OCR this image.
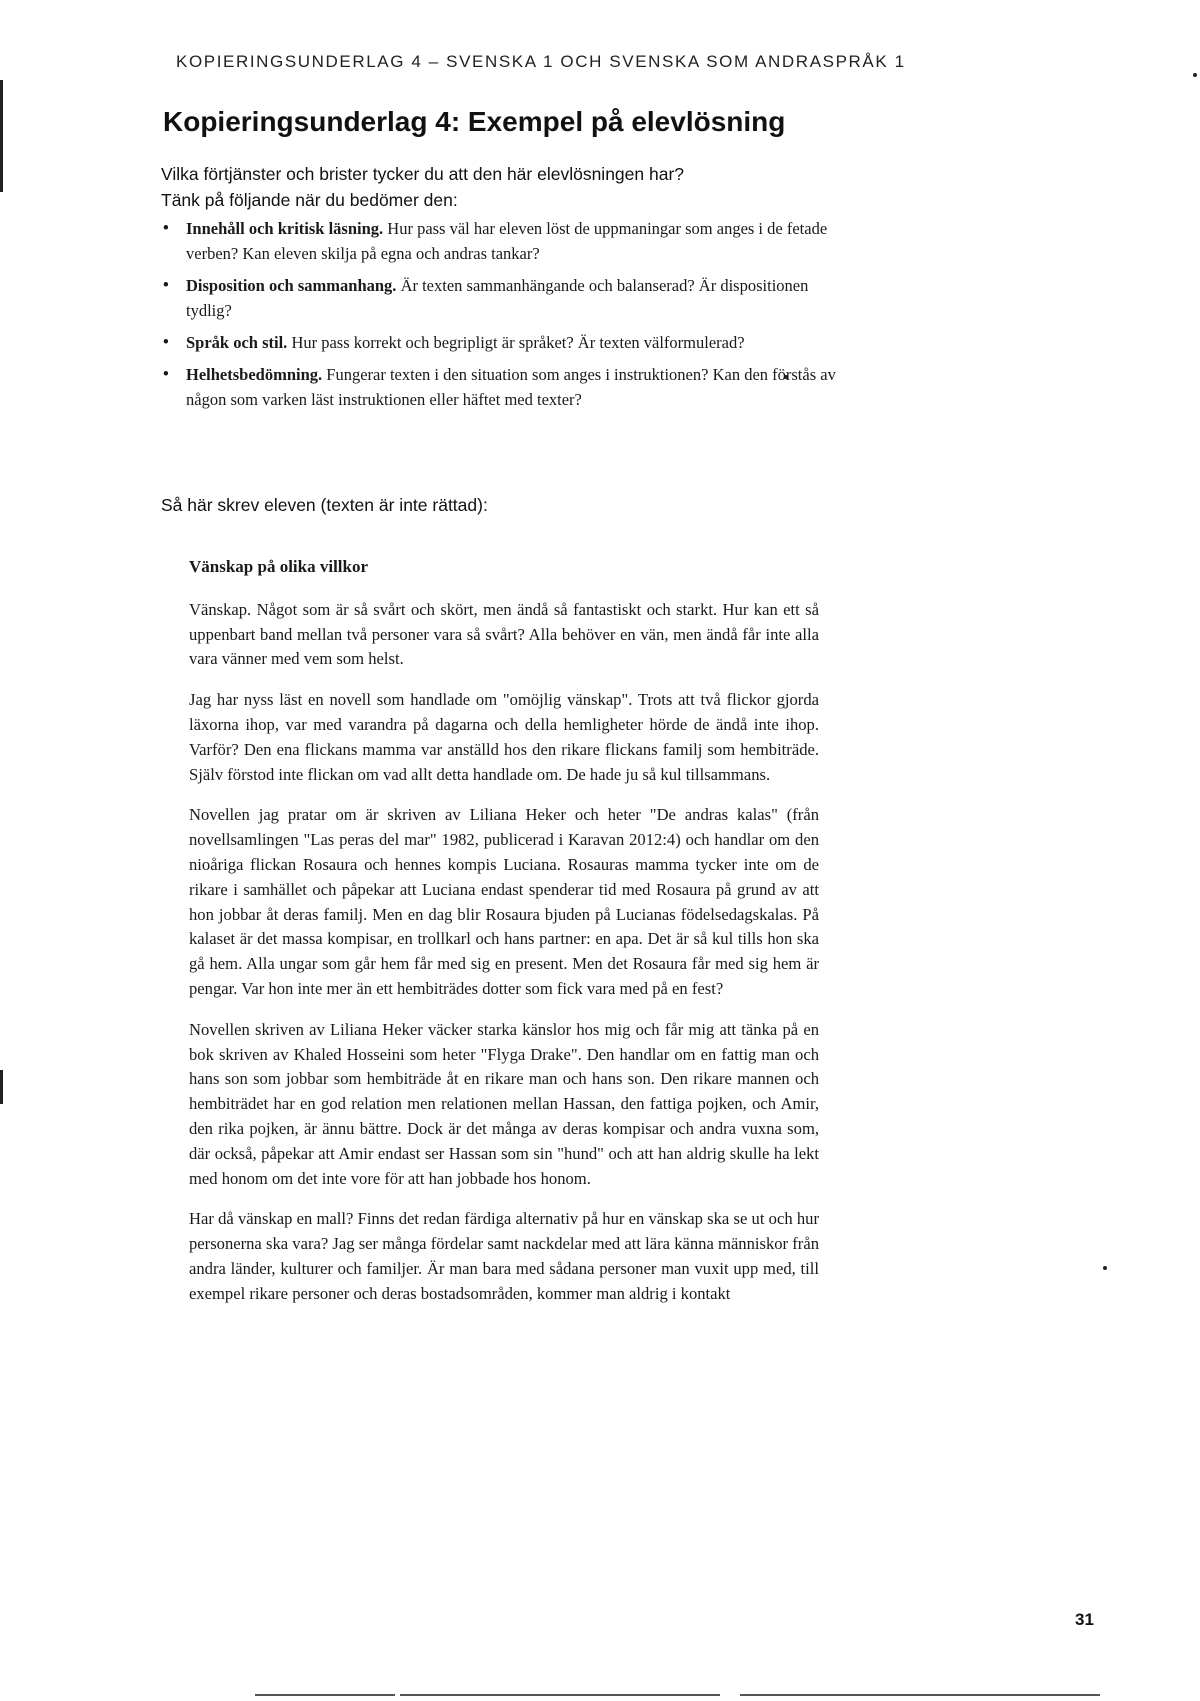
KOPIERINGSUNDERLAG 4 – SVENSKA 1 OCH SVENSKA SOM ANDRASPRÅK 1
Kopieringsunderlag 4: Exempel på elevlösning

Vilka förtjänster och brister tycker du att den här elevlösningen har?

Tänk på följande när du bedömer den:

• Innehåll och kritisk läsning. Hur pass väl har eleven löst de uppmaningar som anges i de fetade verben? Kan eleven skilja på egna och andras tankar?
• Disposition och sammanhang. Är texten sammanhängande och balanserad? Är dispositionen tydlig?
• Språk och stil. Hur pass korrekt och begripligt är språket? Är texten välformulerad?
• Helhetsbedömning. Fungerar texten i den situation som anges i instruktionen? Kan den förstås av någon som varken läst instruktionen eller häftet med texter?
Så här skrev eleven (texten är inte rättad):
Vänskap på olika villkor

Vänskap. Något som är så svårt och skört, men ändå så fantastiskt och starkt. Hur kan ett så uppenbart band mellan två personer vara så svårt? Alla behöver en vän, men ändå får inte alla vara vänner med vem som helst.

Jag har nyss läst en novell som handlade om "omöjlig vänskap". Trots att två flickor gjorda läxorna ihop, var med varandra på dagarna och della hemligheter hörde de ändå inte ihop. Varför? Den ena flickans mamma var anställd hos den rikare flickans familj som hembiträde. Själv förstod inte flickan om vad allt detta handlade om. De hade ju så kul tillsammans.

Novellen jag pratar om är skriven av Liliana Heker och heter "De andras kalas" (från novellsamlingen "Las peras del mar" 1982, publicerad i Karavan 2012:4) och handlar om den nioåriga flickan Rosaura och hennes kompis Luciana. Rosauras mamma tycker inte om de rikare i samhället och påpekar att Luciana endast spenderar tid med Rosaura på grund av att hon jobbar åt deras familj. Men en dag blir Rosaura bjuden på Lucianas födelsedagskalas. På kalaset är det massa kompisar, en trollkarl och hans partner: en apa. Det är så kul tills hon ska gå hem. Alla ungar som går hem får med sig en present. Men det Rosaura får med sig hem är pengar. Var hon inte mer än ett hembiträdes dotter som fick vara med på en fest?

Novellen skriven av Liliana Heker väcker starka känslor hos mig och får mig att tänka på en bok skriven av Khaled Hosseini som heter "Flyga Drake". Den handlar om en fattig man och hans son som jobbar som hembiträde åt en rikare man och hans son. Den rikare mannen och hembiträdet har en god relation men relationen mellan Hassan, den fattiga pojken, och Amir, den rika pojken, är ännu bättre. Dock är det många av deras kompisar och andra vuxna som, där också, påpekar att Amir endast ser Hassan som sin "hund" och att han aldrig skulle ha lekt med honom om det inte vore för att han jobbade hos honom.

Har då vänskap en mall? Finns det redan färdiga alternativ på hur en vänskap ska se ut och hur personerna ska vara? Jag ser många fördelar samt nackdelar med att lära känna människor från andra länder, kulturer och familjer. Är man bara med sådana personer man vuxit upp med, till exempel rikare personer och deras bostadsområden, kommer man aldrig i kontakt

31
